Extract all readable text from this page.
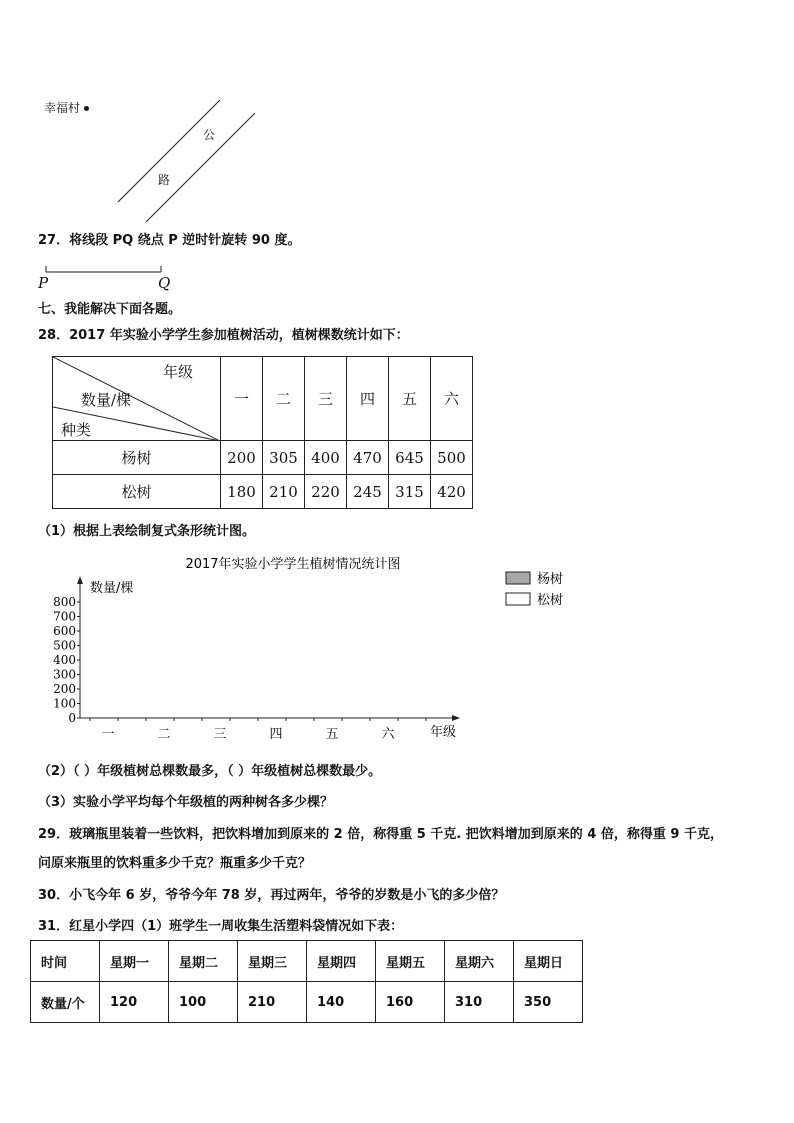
幸福村
公
路
27．将线段 PQ 绕点 P 逆时针旋转 90 度。
P	Q
七、我能解决下面各题。
28．2017 年实验小学学生参加植树活动，植树棵数统计如下：
年级
数量/棵
种类	一	二	三	四	五	六
杨树	200	305	400	470	645	500
松树	180	210	220	245	315	420
（1）根据上表绘制复式条形统计图。
2017年实验小学学生植树情况统计图
数量/棵
0
100
200
300
400
500
600
700
800
一	二	三	四	五	六	年级
杨树
松树
（2）（ ）年级植树总棵数最多，（ ）年级植树总棵数最少。
（3）实验小学平均每个年级植的两种树各多少棵？
29．玻璃瓶里装着一些饮料，把饮料增加到原来的 2 倍，称得重 5 千克. 把饮料增加到原来的 4 倍，称得重 9 千克，
问原来瓶里的饮料重多少千克？瓶重多少千克？
30．小飞今年 6 岁，爷爷今年 78 岁，再过两年，爷爷的岁数是小飞的多少倍？
31．红星小学四（1）班学生一周收集生活塑料袋情况如下表：
时间	星期一	星期二	星期三	星期四	星期五	星期六	星期日
数量/个	120	100	210	140	160	310	350
